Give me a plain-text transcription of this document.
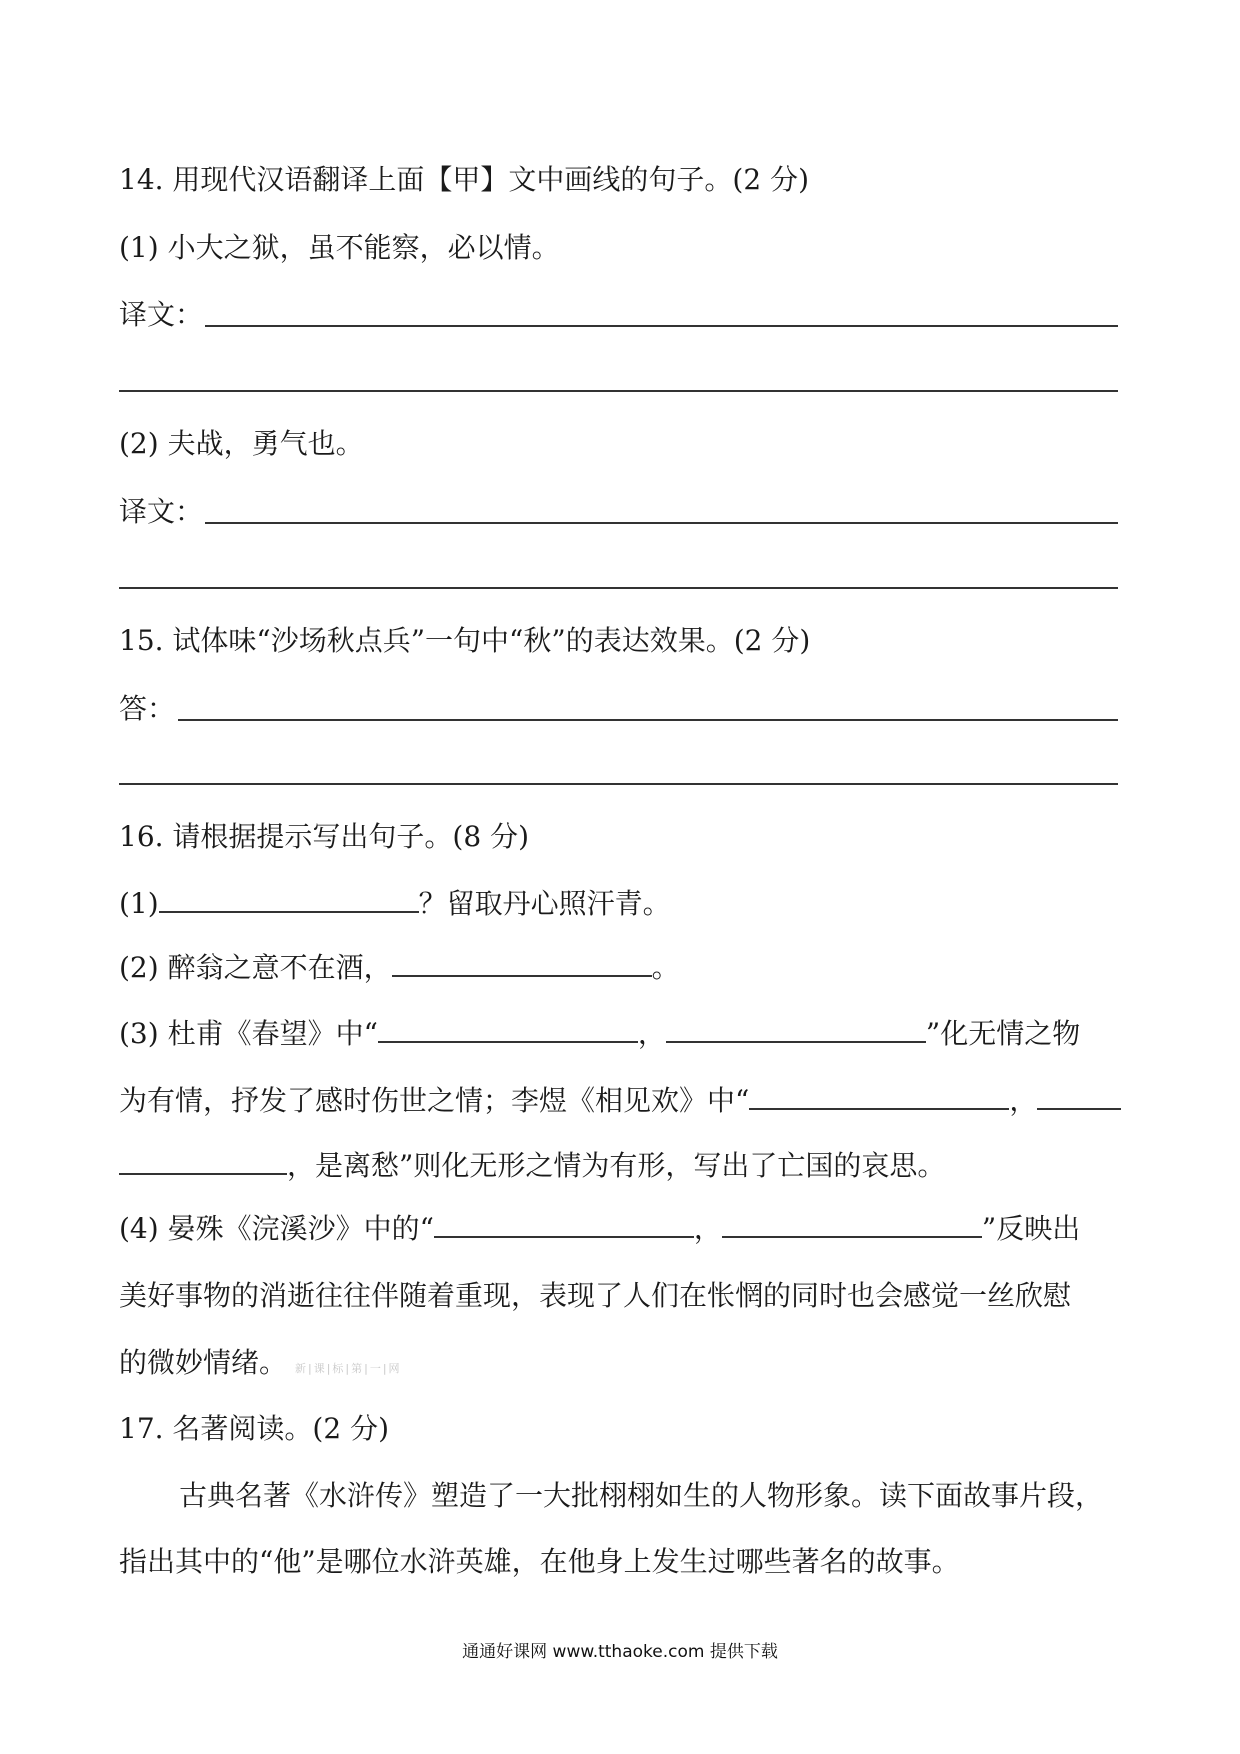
14. 用现代汉语翻译上面【甲】文中画线的句子。(2 分)
(1) 小大之狱，虽不能察，必以情。
译文：
(2) 夫战，勇气也。
译文：
15. 试体味“沙场秋点兵”一句中“秋”的表达效果。(2 分)
答：
16. 请根据提示写出句子。(8 分)
(1)	？留取丹心照汗青。
(2) 醉翁之意不在酒，	。
(3) 杜甫《春望》中“	，	”化无情之物
为有情，抒发了感时伤世之情；李煜《相见欢》中“	，
，是离愁”则化无形之情为有形，写出了亡国的哀思。
(4) 晏殊《浣溪沙》中的“	，	”反映出
美好事物的消逝往往伴随着重现，表现了人们在怅惘的同时也会感觉一丝欣慰
的微妙情绪。 新|课|标|第|一|网
17. 名著阅读。(2 分)
古典名著《水浒传》塑造了一大批栩栩如生的人物形象。读下面故事片段，
指出其中的“他”是哪位水浒英雄，在他身上发生过哪些著名的故事。
通通好课网 www.tthaoke.com 提供下载
